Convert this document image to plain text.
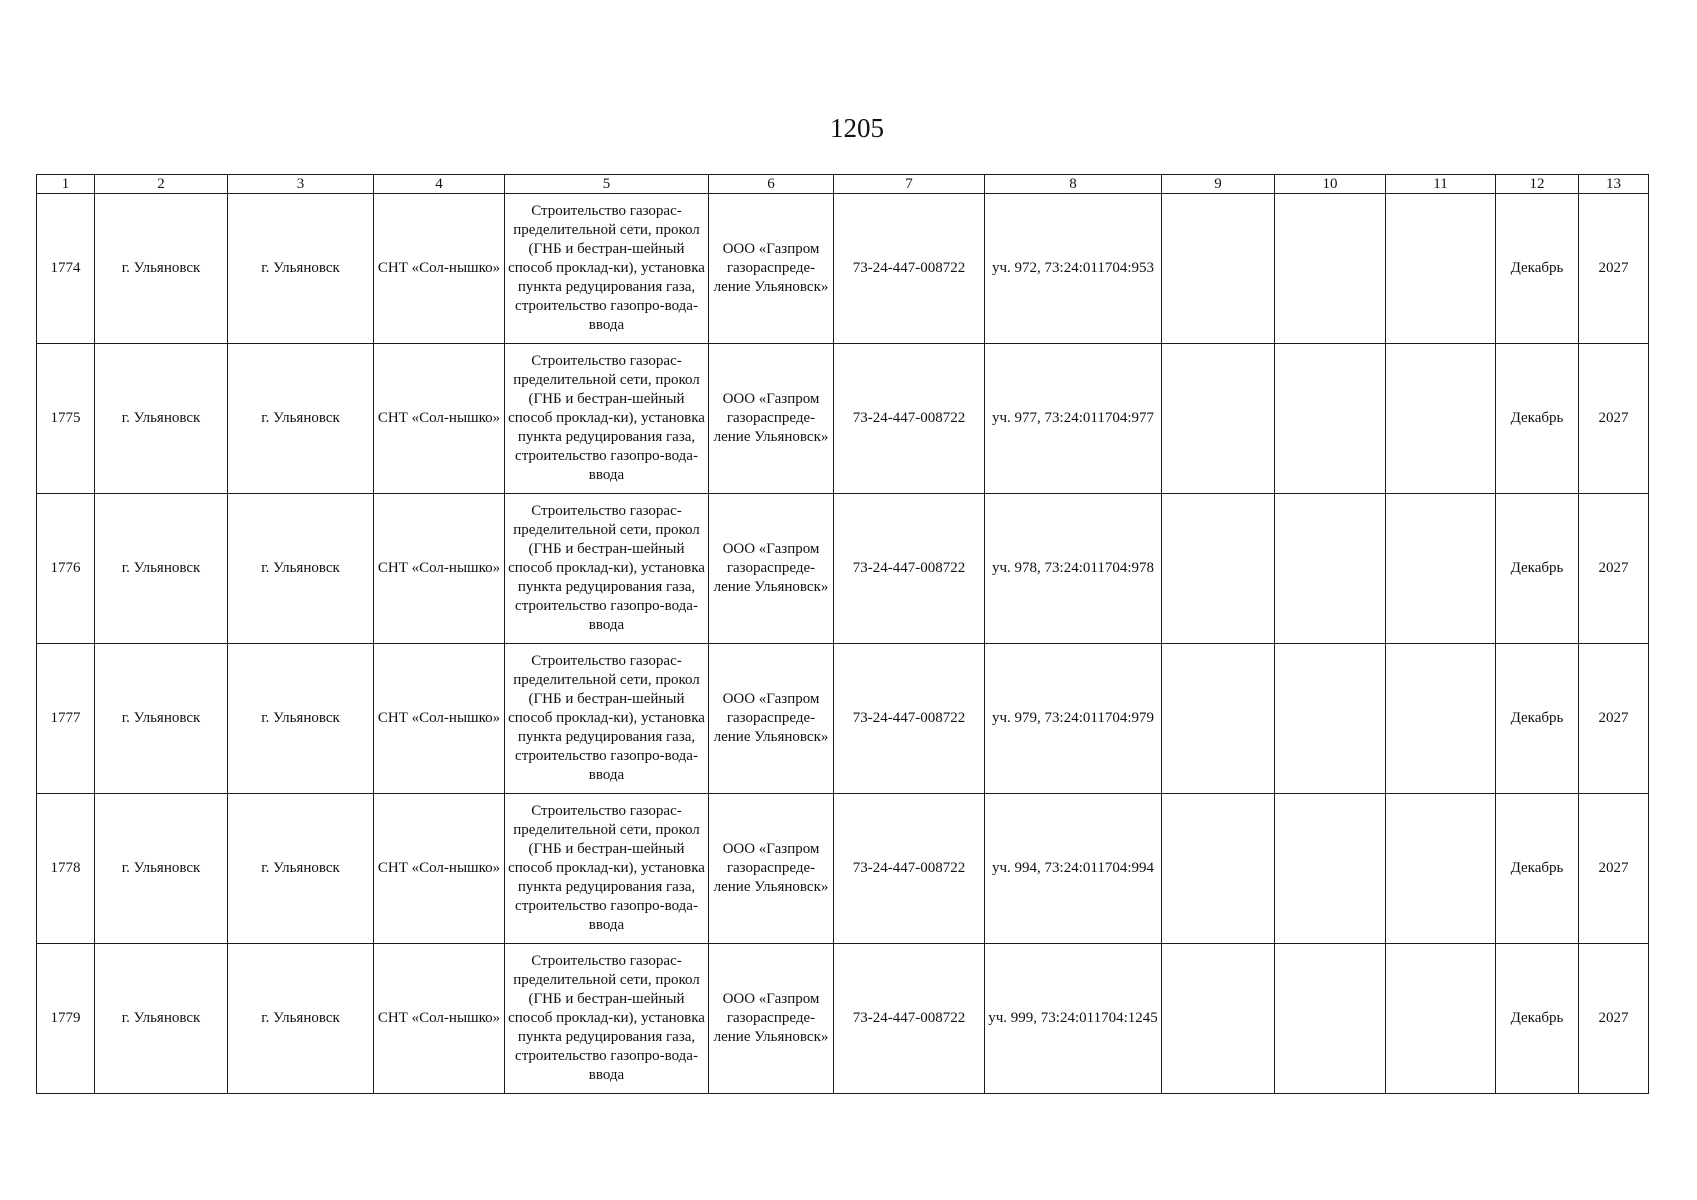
1205
1	2	3	4	5	6	7	8	9	10	11	12	13
1774	г. Ульяновск	г. Ульяновск	СНТ «Сол-нышко»	Строительство газорас-пределительной сети, прокол (ГНБ и бестран-шейный способ проклад-ки), установка пункта редуцирования газа, строительство газопро-вода-ввода	ООО «Газпром газораспреде-ление Ульяновск»	73-24-447-008722	уч. 972, 73:24:011704:953				Декабрь	2027
1775	г. Ульяновск	г. Ульяновск	СНТ «Сол-нышко»	Строительство газорас-пределительной сети, прокол (ГНБ и бестран-шейный способ проклад-ки), установка пункта редуцирования газа, строительство газопро-вода-ввода	ООО «Газпром газораспреде-ление Ульяновск»	73-24-447-008722	уч. 977, 73:24:011704:977				Декабрь	2027
1776	г. Ульяновск	г. Ульяновск	СНТ «Сол-нышко»	Строительство газорас-пределительной сети, прокол (ГНБ и бестран-шейный способ проклад-ки), установка пункта редуцирования газа, строительство газопро-вода-ввода	ООО «Газпром газораспреде-ление Ульяновск»	73-24-447-008722	уч. 978, 73:24:011704:978				Декабрь	2027
1777	г. Ульяновск	г. Ульяновск	СНТ «Сол-нышко»	Строительство газорас-пределительной сети, прокол (ГНБ и бестран-шейный способ проклад-ки), установка пункта редуцирования газа, строительство газопро-вода-ввода	ООО «Газпром газораспреде-ление Ульяновск»	73-24-447-008722	уч. 979, 73:24:011704:979				Декабрь	2027
1778	г. Ульяновск	г. Ульяновск	СНТ «Сол-нышко»	Строительство газорас-пределительной сети, прокол (ГНБ и бестран-шейный способ проклад-ки), установка пункта редуцирования газа, строительство газопро-вода-ввода	ООО «Газпром газораспреде-ление Ульяновск»	73-24-447-008722	уч. 994, 73:24:011704:994				Декабрь	2027
1779	г. Ульяновск	г. Ульяновск	СНТ «Сол-нышко»	Строительство газорас-пределительной сети, прокол (ГНБ и бестран-шейный способ проклад-ки), установка пункта редуцирования газа, строительство газопро-вода-ввода	ООО «Газпром газораспреде-ление Ульяновск»	73-24-447-008722	уч. 999, 73:24:011704:1245				Декабрь	2027
